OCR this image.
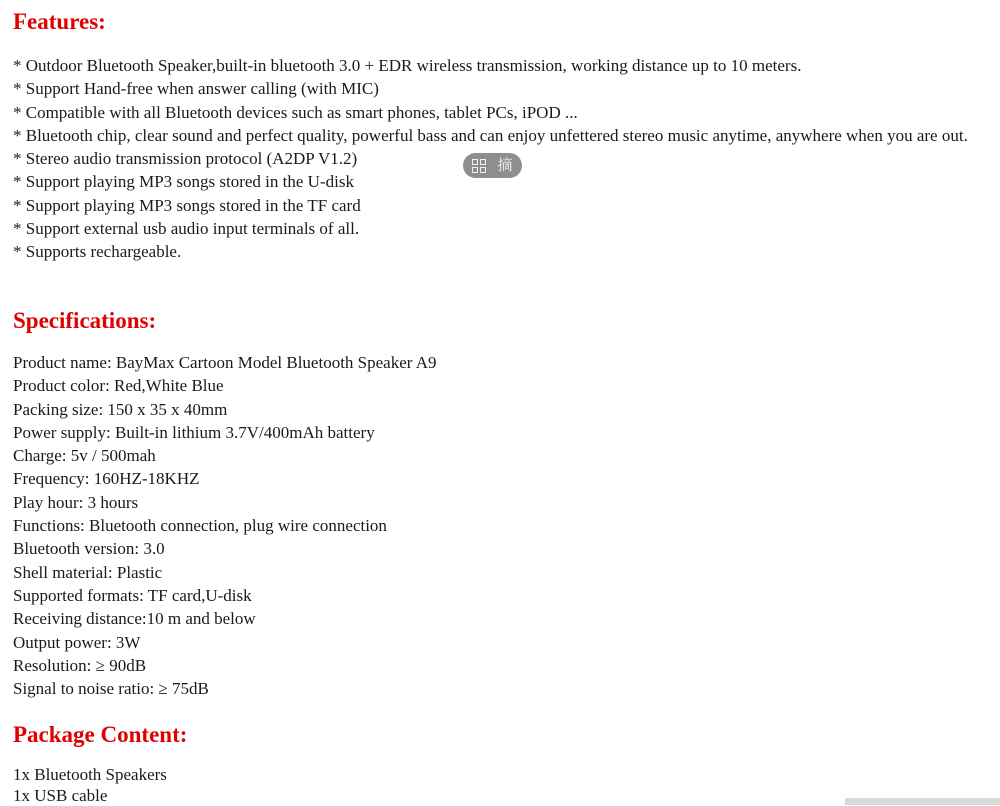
Features:
* Outdoor Bluetooth Speaker,built-in bluetooth 3.0 + EDR wireless transmission, working distance up to 10 meters.
* Support Hand-free when answer calling (with MIC)
* Compatible with all Bluetooth devices such as smart phones, tablet PCs, iPOD ...
* Bluetooth chip, clear sound and perfect quality, powerful bass and can enjoy unfettered stereo music anytime, anywhere when you are out.
* Stereo audio transmission protocol (A2DP V1.2)
* Support playing MP3 songs stored in the U-disk
* Support playing MP3 songs stored in the TF card
* Support external usb audio input terminals of all.
* Supports rechargeable.
摘
Specifications:
Product name: BayMax Cartoon Model Bluetooth Speaker A9
Product color: Red,White Blue
Packing size: 150 x 35 x 40mm
Power supply: Built-in lithium 3.7V/400mAh battery
Charge: 5v / 500mah
Frequency: 160HZ-18KHZ
Play hour: 3 hours
Functions: Bluetooth connection, plug wire connection
Bluetooth version: 3.0
Shell material: Plastic
Supported formats: TF card,U-disk
Receiving distance:10 m and below
Output power: 3W
Resolution: ≥ 90dB
Signal to noise ratio: ≥ 75dB
Package Content:
1x Bluetooth Speakers
1x USB cable
